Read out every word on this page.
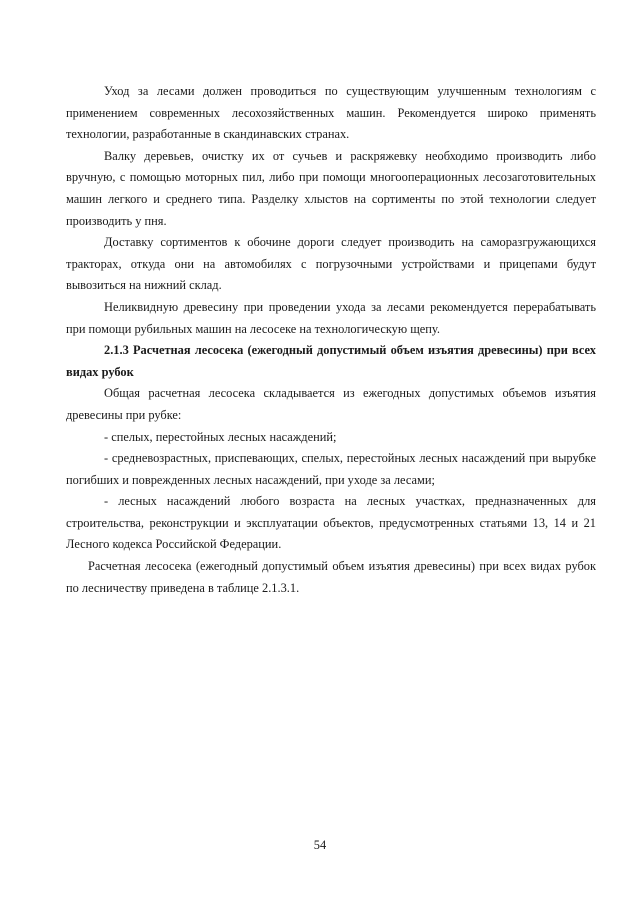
Уход за лесами должен проводиться по существующим улучшенным технологиям с применением современных лесохозяйственных машин. Рекомендуется широко применять технологии, разработанные в скандинавских странах.

Валку деревьев, очистку их от сучьев и раскряжевку необходимо производить либо вручную, с помощью моторных пил, либо при помощи многооперационных лесозаготовительных машин легкого и среднего типа. Разделку хлыстов на сортименты по этой технологии следует производить у пня.

Доставку сортиментов к обочине дороги следует производить на саморазгружающихся тракторах, откуда они на автомобилях с погрузочными устройствами и прицепами будут вывозиться на нижний склад.

Неликвидную древесину при проведении ухода за лесами рекомендуется перерабатывать при помощи рубильных машин на лесосеке на технологическую щепу.

2.1.3 Расчетная лесосека (ежегодный допустимый объем изъятия древесины) при всех видах рубок

Общая расчетная лесосека складывается из ежегодных допустимых объемов изъятия древесины при рубке:

- спелых, перестойных лесных насаждений;

- средневозрастных, приспевающих, спелых, перестойных лесных насаждений при вырубке погибших и поврежденных лесных насаждений, при уходе за лесами;

- лесных насаждений любого возраста на лесных участках, предназначенных для строительства, реконструкции и эксплуатации объектов, предусмотренных статьями 13, 14 и 21 Лесного кодекса Российской Федерации.

Расчетная лесосека (ежегодный допустимый объем изъятия древесины) при всех видах рубок по лесничеству приведена в таблице 2.1.3.1.

54
